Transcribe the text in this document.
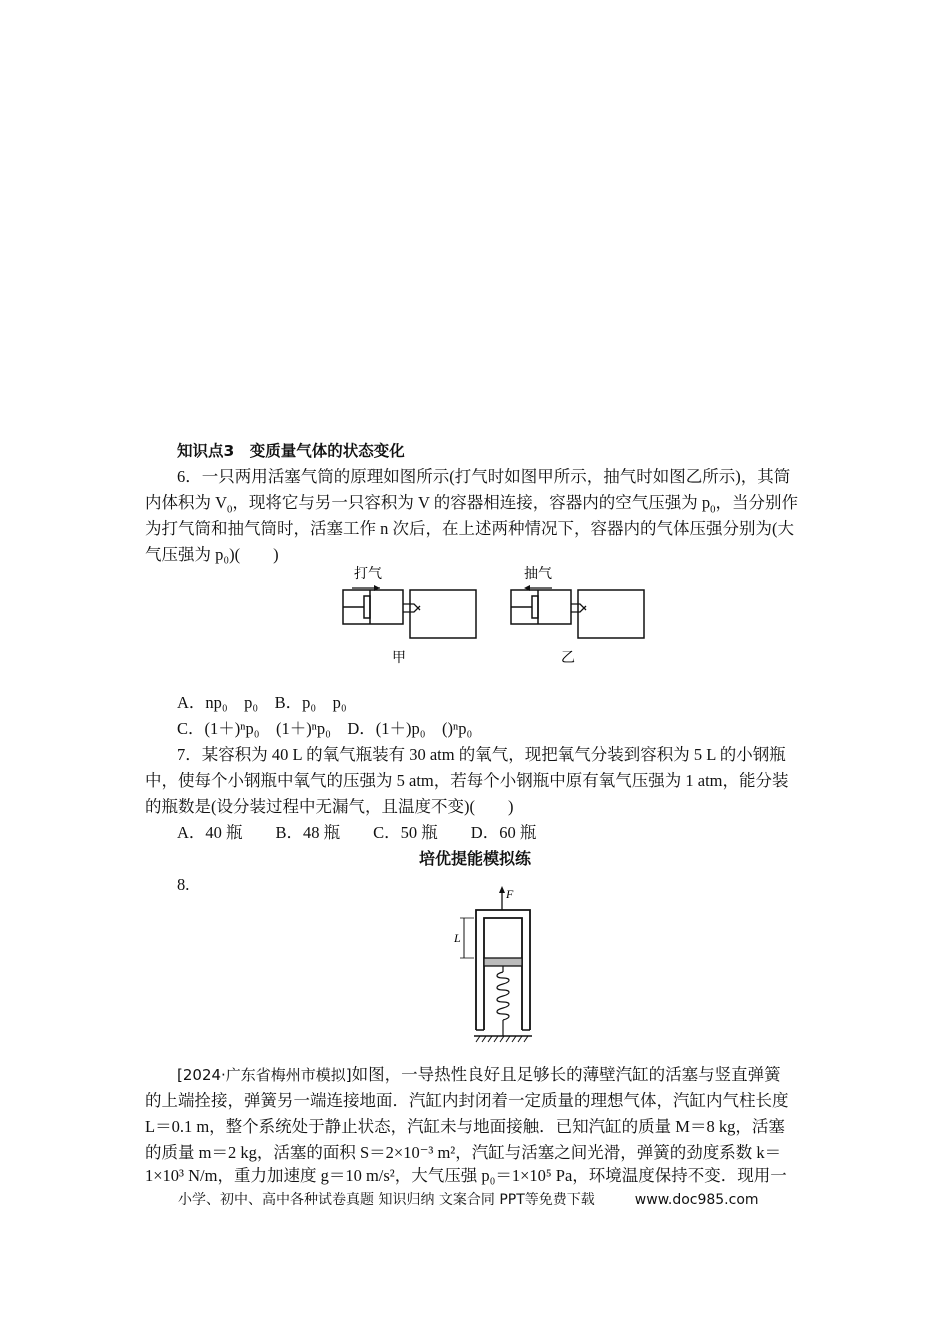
知识点3　变质量气体的状态变化
6．一只两用活塞气筒的原理如图所示(打气时如图甲所示，抽气时如图乙所示)，其筒
内体积为 $V_0$，现将它与另一只容积为 V 的容器相连接，容器内的空气压强为 $p_0$，当分别作
为打气筒和抽气筒时，活塞工作 n 次后，在上述两种情况下，容器内的气体压强分别为(大
气压强为 p₀)(　　)
打气
甲
抽气
乙
A．np₀　p₀　B．p₀　p₀
C．(1＋)ⁿp₀　(1＋)ⁿp₀　D．(1＋)p₀　()ⁿp₀
7．某容积为 40 L 的氧气瓶装有 30 atm 的氧气，现把氧气分装到容积为 5 L 的小钢瓶
中，使每个小钢瓶中氧气的压强为 5 atm，若每个小钢瓶中原有氧气压强为 1 atm，能分装
的瓶数是(设分装过程中无漏气，且温度不变)(　　)
A．40 瓶　　B．48 瓶　　C．50 瓶　　D．60 瓶
培优提能模拟练
8.	F
L
[2024·广东省梅州市模拟]如图，一导热性良好且足够长的薄壁汽缸的活塞与竖直弹簧
的上端拴接，弹簧另一端连接地面．汽缸内封闭着一定质量的理想气体，汽缸内气柱长度
L＝0.1 m，整个系统处于静止状态，汽缸未与地面接触．已知汽缸的质量 M＝8 kg，活塞
的质量 m＝2 kg，活塞的面积 S＝2×10⁻³ m²，汽缸与活塞之间光滑，弹簧的劲度系数 k＝
1×10³ N/m，重力加速度 g＝10 m/s²，大气压强 p₀＝1×10⁵ Pa，环境温度保持不变．现用一
小学、初中、高中各种试卷真题 知识归纳 文案合同 PPT等免费下载	www.doc985.com
